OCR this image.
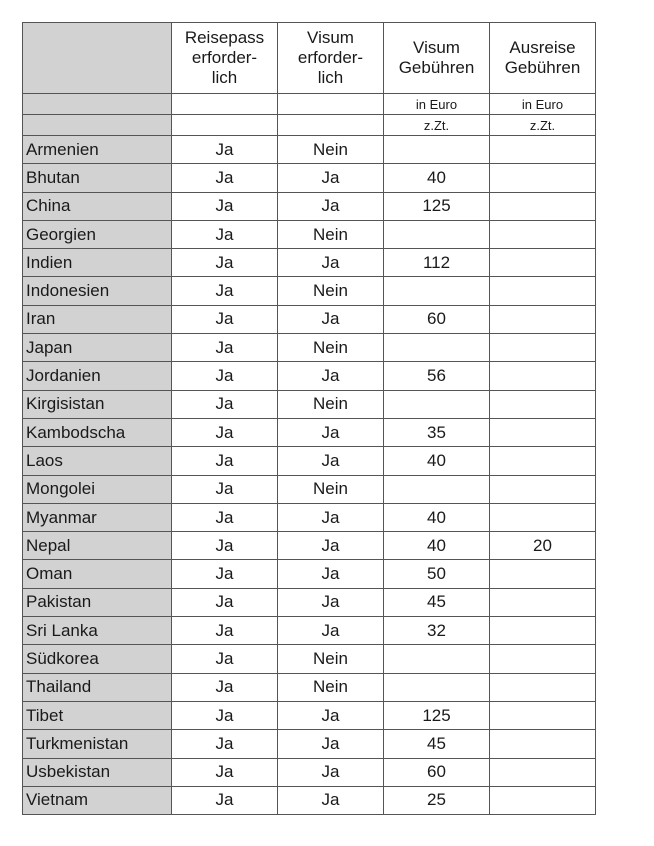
	Reisepass
erforder-
lich	Visum
erforder-
lich	Visum
Gebühren	Ausreise
Gebühren

			in Euro	in Euro
			z.Zt.	z.Zt.
Armenien	Ja	Nein		
Bhutan	Ja	Ja	40	
China	Ja	Ja	125	
Georgien	Ja	Nein		
Indien	Ja	Ja	112	
Indonesien	Ja	Nein		
Iran	Ja	Ja	60	
Japan	Ja	Nein		
Jordanien	Ja	Ja	56	
Kirgisistan	Ja	Nein		
Kambodscha	Ja	Ja	35	
Laos	Ja	Ja	40	
Mongolei	Ja	Nein		
Myanmar	Ja	Ja	40	
Nepal	Ja	Ja	40	20
Oman	Ja	Ja	50	
Pakistan	Ja	Ja	45	
Sri Lanka	Ja	Ja	32	
Südkorea	Ja	Nein		
Thailand	Ja	Nein		
Tibet	Ja	Ja	125	
Turkmenistan	Ja	Ja	45	
Usbekistan	Ja	Ja	60	
Vietnam	Ja	Ja	25	
